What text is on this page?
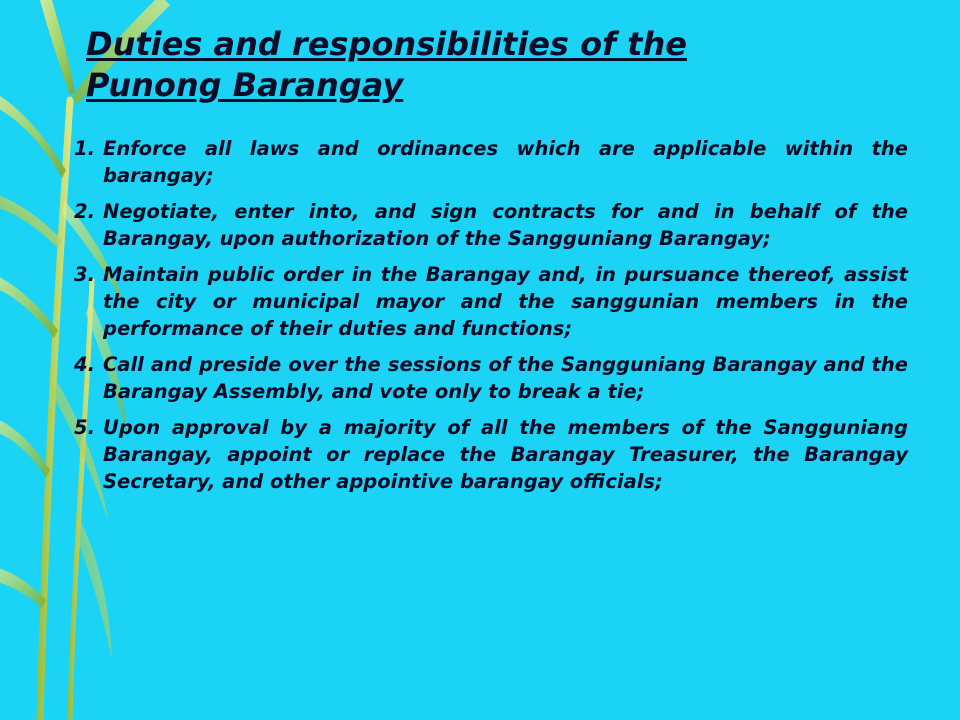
Duties and responsibilities of the
Punong Barangay
1. Enforce all laws and ordinances which are applicable within the barangay;
2. Negotiate, enter into, and sign contracts for and in behalf of the Barangay, upon authorization of the Sangguniang Barangay;
3. Maintain public order in the Barangay and, in pursuance thereof, assist the city or municipal mayor and the sanggunian members in the performance of their duties and functions;
4. Call and preside over the sessions of the Sangguniang Barangay and the Barangay Assembly, and vote only to break a tie;
5. Upon approval by a majority of all the members of the Sangguniang Barangay, appoint or replace the Barangay Treasurer, the Barangay Secretary, and other appointive barangay officials;
